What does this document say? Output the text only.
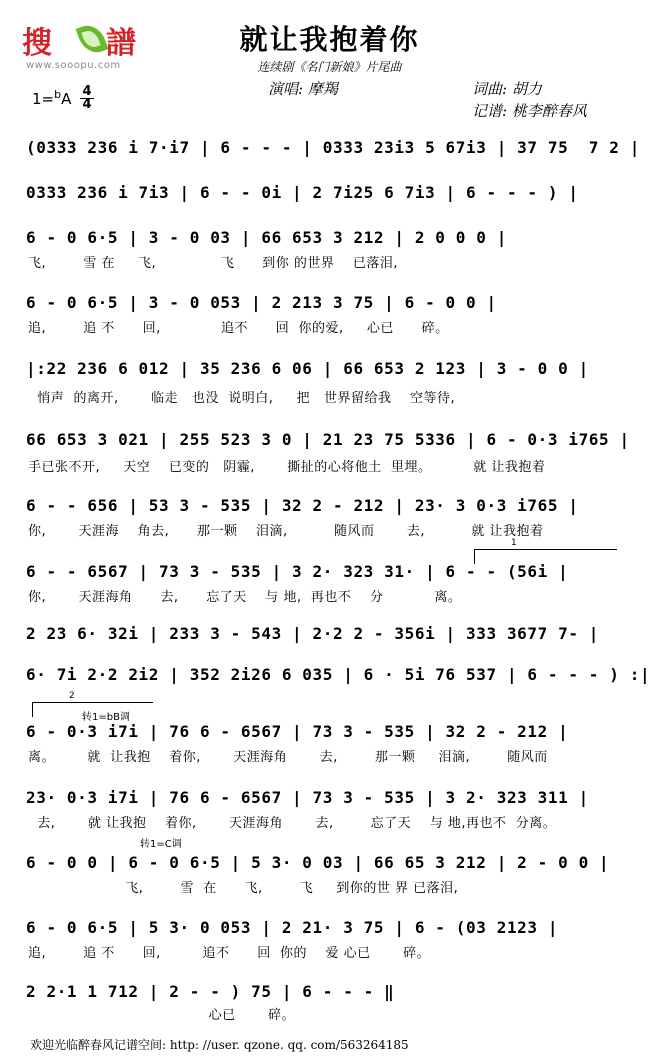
搜 譜
www.sooopu.com
就让我抱着你
连续剧《名门新娘》片尾曲
演唱: 摩羯	词曲: 胡力
记谱: 桃李醉春风
1=$^b$A 4
4
(0333 236 i 7·i7 | 6 - - - | 0333 23i3 5 67i3 | 37 75  7 2 |
0333 236 i 7i3 | 6 - - 0i | 2 7i25 6 7i3 | 6 - - - ) |
6 - 0 6·5 | 3 - 0 03 | 66 653 3 212 | 2 0 0 0 |
飞,        雪 在     飞,              飞      到你 的世界    已落泪,
6 - 0 6·5 | 3 - 0 053 | 2 213 3 75 | 6 - 0 0 |
追,        追 不      回,             追不      回  你的爱,     心已      碎。
|:22 236 6 012 | 35 236 6 06 | 66 653 2 123 | 3 - 0 0 |
悄声  的离开,       临走   也没  说明白,     把   世界留给我    空等待,
66 653 3 021 | 255 523 3 0 | 21 23 75 5336 | 6 - 0·3 i765 |
手已张不开,     天空    已变的   阴霾,       撕扯的心将他土  里埋。         就 让我抱着
6 - - 656 | 53 3 - 535 | 32 2 - 212 | 23· 3 0·3 i765 |
你,       天涯海    角去,      那一颗    泪滴,          随风而       去,          就 让我抱着
1
6 - - 6567 | 73 3 - 535 | 3 2· 323 31· | 6 - - (56i |
你,       天涯海角      去,      忘了天    与 地,  再也不    分           离。
2 23 6· 32i | 233 3 - 543 | 2·2 2 - 356i | 333 3677 7- |
6· 7i 2·2 2i2 | 352 2i26 6 035 | 6 · 5i 76 537 | 6 - - - ) :|
2
转1=bB调
6 - 0·3 i7i | 76 6 - 6567 | 73 3 - 535 | 32 2 - 212 |
离。       就  让我抱    着你,       天涯海角       去,        那一颗     泪滴,        随风而
23· 0·3 i7i | 76 6 - 6567 | 73 3 - 535 | 3 2· 323 311 |
去,       就 让我抱    着你,       天涯海角       去,        忘了天    与 地,再也不  分离。
转1=C调
6 - 0 0 | 6 - 0 6·5 | 5 3· 0 03 | 66 65 3 212 | 2 - 0 0 |
飞,        雪  在      飞,        飞     到你的世 界 已落泪,
6 - 0 6·5 | 5 3· 0 053 | 2 21· 3 75 | 6 - (03 2123 |
追,        追 不      回,         追不      回  你的    爱 心已       碎。
2 2·1 1 712 | 2 - - ) 75 | 6 - - - ‖
心已       碎。
欢迎光临醉春风记谱空间: http: //user. qzone. qq. com/563264185
